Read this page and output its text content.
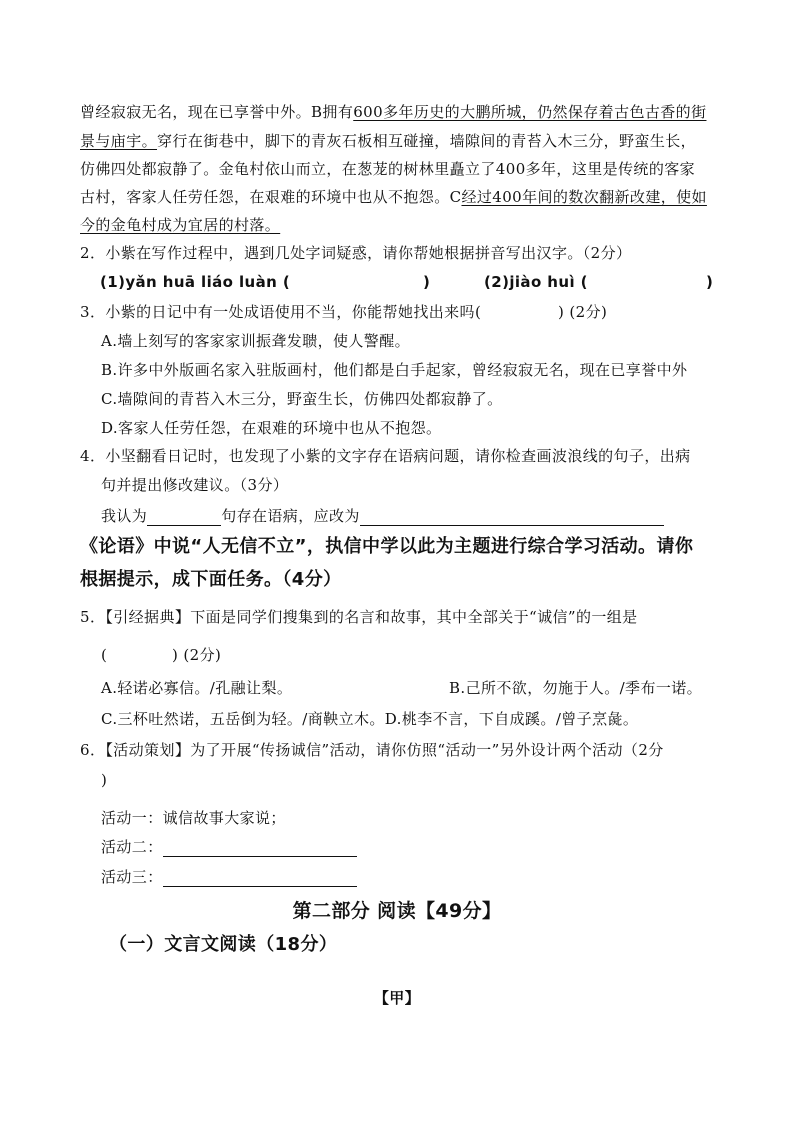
曾经寂寂无名，现在已享誉中外。B拥有600多年历史的大鹏所城，仍然保存着古色古香的街
景与庙宇。穿行在街巷中，脚下的青灰石板相互碰撞，墙隙间的青苔入木三分，野蛮生长，
仿佛四处都寂静了。金龟村依山而立，在葱茏的树林里矗立了400多年，这里是传统的客家
古村，客家人任劳任怨，在艰难的环境中也从不抱怨。C经过400年间的数次翻新改建，使如
今的金龟村成为宜居的村落。
2．小紫在写作过程中，遇到几处字词疑惑，请你帮她根据拼音写出汉字。（2分）
(1)yǎn huā liáo luàn (	)	(2)jiào huì (	)
3．小紫的日记中有一处成语使用不当，你能帮她找出来吗(	) (2分)
A.墙上刻写的客家家训振聋发聩，使人警醒。
B.许多中外版画名家入驻版画村，他们都是白手起家，曾经寂寂无名，现在已享誉中外
C.墙隙间的青苔入木三分，野蛮生长，仿佛四处都寂静了。
D.客家人任劳任怨，在艰难的环境中也从不抱怨。
4．小坚翻看日记时，也发现了小紫的文字存在语病问题，请你检查画波浪线的句子，出病
句并提出修改建议。（3分）
我认为	句存在语病，应改为
《论语》中说“人无信不立”，执信中学以此为主题进行综合学习活动。请你
根据提示，成下面任务。（4分）
5．【引经据典】下面是同学们搜集到的名言和故事，其中全部关于“诚信”的一组是
(	) (2分)
A.轻诺必寡信。/孔融让梨。	B.己所不欲，勿施于人。/季布一诺。
C.三杯吐然诺，五岳倒为轻。/商鞅立木。D.桃李不言，下自成蹊。/曾子烹彘。
6．【活动策划】为了开展“传扬诚信”活动，请你仿照“活动一”另外设计两个活动（2分
)
活动一：诚信故事大家说；
活动二：
活动三：
第二部分 阅读【49分】
（一）文言文阅读（18分）
【甲】
